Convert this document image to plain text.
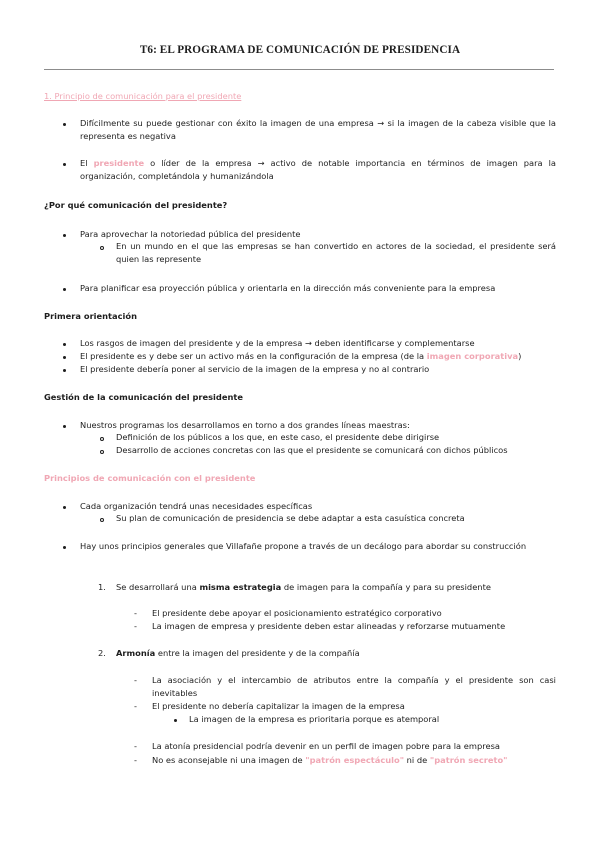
T6: EL PROGRAMA DE COMUNICACIÓN DE PRESIDENCIA
1. Principio de comunicación para el presidente
Difícilmente su puede gestionar con éxito la imagen de una empresa → si la imagen de la cabeza visible que la representa es negativa
El presidente o líder de la empresa → activo de notable importancia en términos de imagen para la organización, completándola y humanizándola
¿Por qué comunicación del presidente?
Para aprovechar la notoriedad pública del presidente
En un mundo en el que las empresas se han convertido en actores de la sociedad, el presidente será quien las represente
Para planificar esa proyección pública y orientarla en la dirección más conveniente para la empresa
Primera orientación
Los rasgos de imagen del presidente y de la empresa → deben identificarse y complementarse
El presidente es y debe ser un activo más en la configuración de la empresa (de la imagen corporativa)
El presidente debería poner al servicio de la imagen de la empresa y no al contrario
Gestión de la comunicación del presidente
Nuestros programas los desarrollamos en torno a dos grandes líneas maestras:
Definición de los públicos a los que, en este caso, el presidente debe dirigirse
Desarrollo de acciones concretas con las que el presidente se comunicará con dichos públicos
Principios de comunicación con el presidente
Cada organización tendrá unas necesidades específicas
Su plan de comunicación de presidencia se debe adaptar a esta casuística concreta
Hay unos principios generales que Villafañe propone a través de un decálogo para abordar su construcción
1. Se desarrollará una misma estrategia de imagen para la compañía y para su presidente
- El presidente debe apoyar el posicionamiento estratégico corporativo
- La imagen de empresa y presidente deben estar alineadas y reforzarse mutuamente
2. Armonía entre la imagen del presidente y de la compañía
- La asociación y el intercambio de atributos entre la compañía y el presidente son casi inevitables
- El presidente no debería capitalizar la imagen de la empresa
La imagen de la empresa es prioritaria porque es atemporal
- La atonía presidencial podría devenir en un perfil de imagen pobre para la empresa
- No es aconsejable ni una imagen de "patrón espectáculo" ni de "patrón secreto"
